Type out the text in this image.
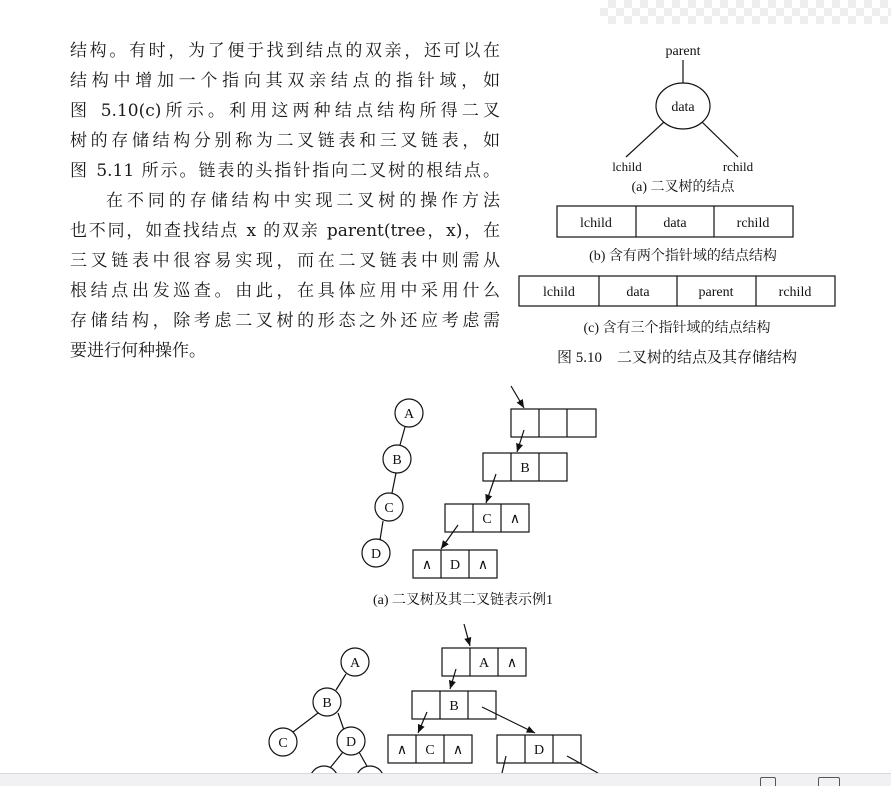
结构。有时，为了便于找到结点的双亲，还可以在
结构中增加一个指向其双亲结点的指针域，如
图 5.10(c)所示。利用这两种结点结构所得二叉
树的存储结构分别称为二叉链表和三叉链表，如
图 5.11 所示。链表的头指针指向二叉树的根结点。
在不同的存储结构中实现二叉树的操作方法
也不同，如查找结点 x 的双亲 parent(tree，x)，在
三叉链表中很容易实现，而在二叉链表中则需从
根结点出发巡查。由此，在具体应用中采用什么
存储结构，除考虑二叉树的形态之外还应考虑需
要进行何种操作。
parent
data
lchild	rchild
(a) 二叉树的结点
lchild	data	rchild
(b) 含有两个指针域的结点结构
lchild	data	parent	rchild
(c) 含有三个指针域的结点结构
图 5.10　二叉树的结点及其存储结构
A
B
C
D
B
C ∧
∧ D ∧
(a) 二叉树及其二叉链表示例1
A
B
C	D
A ∧
B
∧ C ∧	D
